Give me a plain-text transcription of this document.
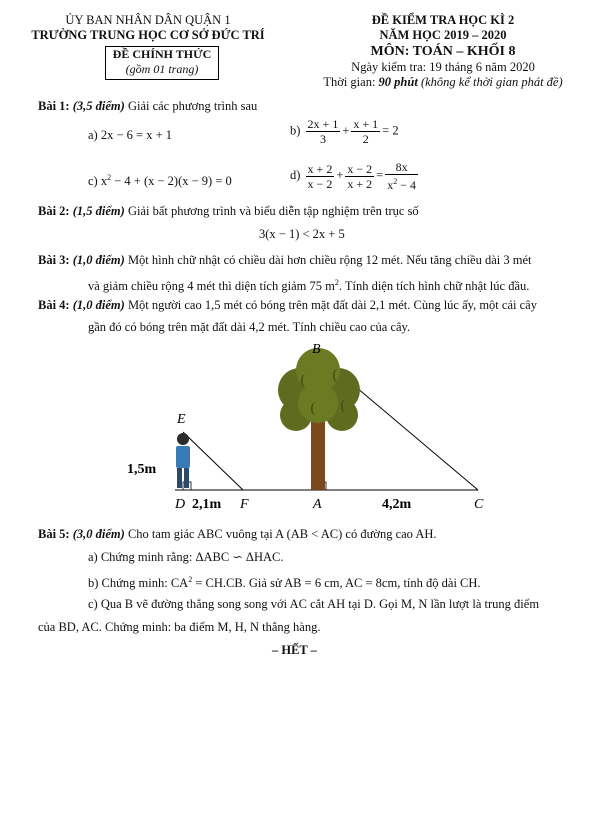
ỦY BAN NHÂN DÂN QUẬN 1
TRƯỜNG TRUNG HỌC CƠ SỞ ĐỨC TRÍ
ĐỀ CHÍNH THỨC
(gồm 01 trang)
ĐỀ KIỂM TRA HỌC KÌ 2
NĂM HỌC 2019 – 2020
MÔN: TOÁN – KHỐI 8
Ngày kiểm tra: 19 tháng 6 năm 2020
Thời gian: 90 phút (không kể thời gian phát đề)
Bài 1: (3,5 điểm) Giải các phương trình sau
a) 2x − 6 = x + 1	$b) \frac{2x + 1}{3} + \frac{x + 1}{2} = 2$
c) $x^2 - 4 + (x - 2)(x - 9) = 0$	$d) \frac{x + 2}{x - 2} + \frac{x - 2}{x + 2} = \frac{8x}{x^2 - 4}$
Bài 2: (1,5 điểm) Giải bất phương trình và biểu diễn tập nghiệm trên trục số
3(x − 1) < 2x + 5
Bài 3: (1,0 điểm) Một hình chữ nhật có chiều dài hơn chiều rộng 12 mét. Nếu tăng chiều dài 3 mét
và giảm chiều rộng 4 mét thì diện tích giảm 75 $m^2$. Tính diện tích hình chữ nhật lúc đầu.
Bài 4: (1,0 điểm) Một người cao 1,5 mét có bóng trên mặt đất dài 2,1 mét. Cùng lúc ấy, một cái cây
gần đó có bóng trên mặt đất dài 4,2 mét. Tính chiều cao của cây.
( (
( (
B
E
D	F	A	C
1,5m
2,1m	4,2m
Bài 5: (3,0 điểm) Cho tam giác ABC vuông tại A (AB < AC) có đường cao AH.
a) Chứng minh rằng: ΔABC ∽ ΔHAC.
b) Chứng minh: $CA^2 = CH.CB$. Giả sử AB = 6 cm, AC = 8cm, tính độ dài CH.
c) Qua B vẽ đường thẳng song song với AC cắt AH tại D. Gọi M, N lần lượt là trung điểm
của BD, AC. Chứng minh: ba điểm M, H, N thẳng hàng.
– HẾT –
